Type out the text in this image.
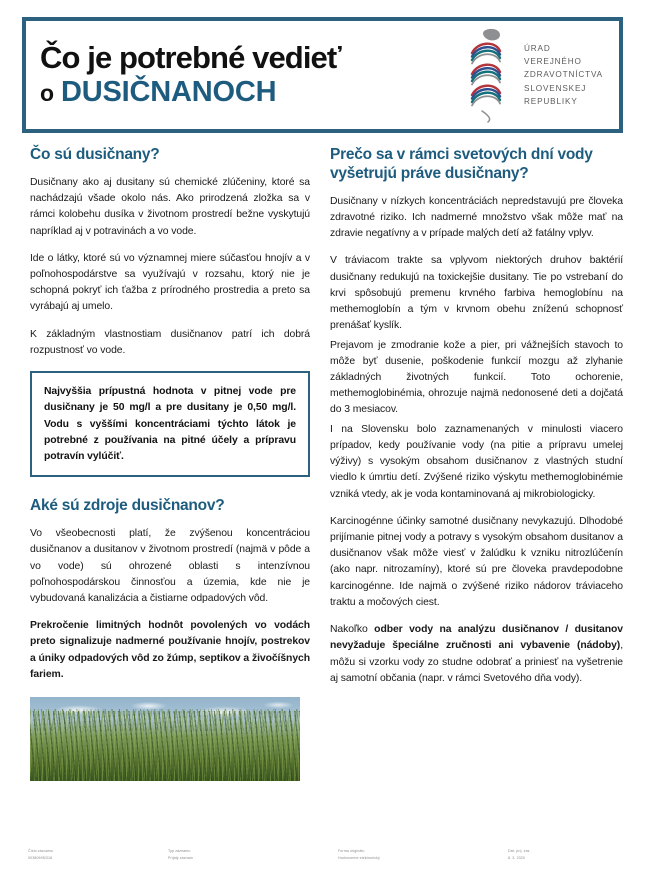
Čo je potrebné vedieť
o DUSIČNANOCH
ÚRAD
VEREJNÉHO
ZDRAVOTNÍCTVA
SLOVENSKEJ
REPUBLIKY
Čo sú dusičnany?

Dusičnany ako aj dusitany sú chemické zlúčeniny, ktoré sa nachádzajú všade okolo nás. Ako prirodzená zložka sa v rámci kolobehu dusíka v životnom prostredí bežne vyskytujú napríklad aj v potravinách a vo vode.

Ide o látky, ktoré sú vo významnej miere súčasťou hnojív a v poľnohospodárstve sa využívajú v rozsahu, ktorý nie je schopná pokryť ich ťažba z prírodného prostredia a preto sa vyrábajú aj umelo.

K základným vlastnostiam dusičnanov patrí ich dobrá rozpustnosť vo vode.

Najvyššia prípustná hodnota v pitnej vode pre dusičnany je 50 mg/l a pre dusitany je 0,50 mg/l. Vodu s vyššími koncentráciami týchto látok je potrebné z používania na pitné účely a prípravu potravín vylúčiť.

Aké sú zdroje dusičnanov?

Vo všeobecnosti platí, že zvýšenou koncentráciou dusičnanov a dusitanov v životnom prostredí (najmä v pôde a vo vode) sú ohrozené oblasti s intenzívnou poľnohospodárskou činnosťou a územia, kde nie je vybudovaná kanalizácia a čistiarne odpadových vôd.

Prekročenie limitných hodnôt povolených vo vodách preto signalizuje nadmerné používanie hnojív, postrekov a úniky odpadových vôd zo žúmp, septikov a živočíšnych fariem.

Prečo sa v rámci svetových dní vody vyšetrujú práve dusičnany?

Dusičnany v nízkych koncentráciách nepredstavujú pre človeka zdravotné riziko. Ich nadmerné množstvo však môže mať na zdravie negatívny a v prípade malých detí až fatálny vplyv.

V tráviacom trakte sa vplyvom niektorých druhov baktérií dusičnany redukujú na toxickejšie dusitany. Tie po vstrebaní do krvi spôsobujú premenu krvného farbiva hemoglobínu na methemoglobín a tým v krvnom obehu zníženú schopnosť prenášať kyslík.

Prejavom je zmodranie kože a pier, pri vážnejších stavoch to môže byť dusenie, poškodenie funkcií mozgu až zlyhanie základných životných funkcií. Toto ochorenie, methemoglobinémia, ohrozuje najmä nedonosené deti a dojčatá do 3 mesiacov.

I na Slovensku bolo zaznamenaných v minulosti viacero prípadov, kedy používanie vody (na pitie a prípravu umelej výživy) s vysokým obsahom dusičnanov z vlastných studní viedlo k úmrtiu detí. Zvýšené riziko výskytu methemoglobinémie vzniká vtedy, ak je voda kontaminovaná aj mikrobiologicky.

Karcinogénne účinky samotné dusičnany nevykazujú. Dlhodobé prijímanie pitnej vody a potravy s vysokým obsahom dusitanov a dusičnanov však môže viesť v žalúdku k vzniku nitrozlúčenín (ako napr. nitrozamíny), ktoré sú pre človeka pravdepodobne karcinogénne. Ide najmä o zvýšené riziko nádorov tráviaceho traktu a močových ciest.

Nakoľko odber vody na analýzu dusičnanov / dusitanov nevyžaduje špeciálne zručnosti ani vybavenie (nádoby), môžu si vzorku vody zo studne odobrať a priniesť na vyšetrenie aj samotní občania (napr. v rámci Svetového dňa vody).

Číslo záznamu
00380695/318
Typ záznamu
Prijatý záznam
Forma originálu
Hodnoverne elektronický
Dát. príj. záz.
8. 3. 2020
